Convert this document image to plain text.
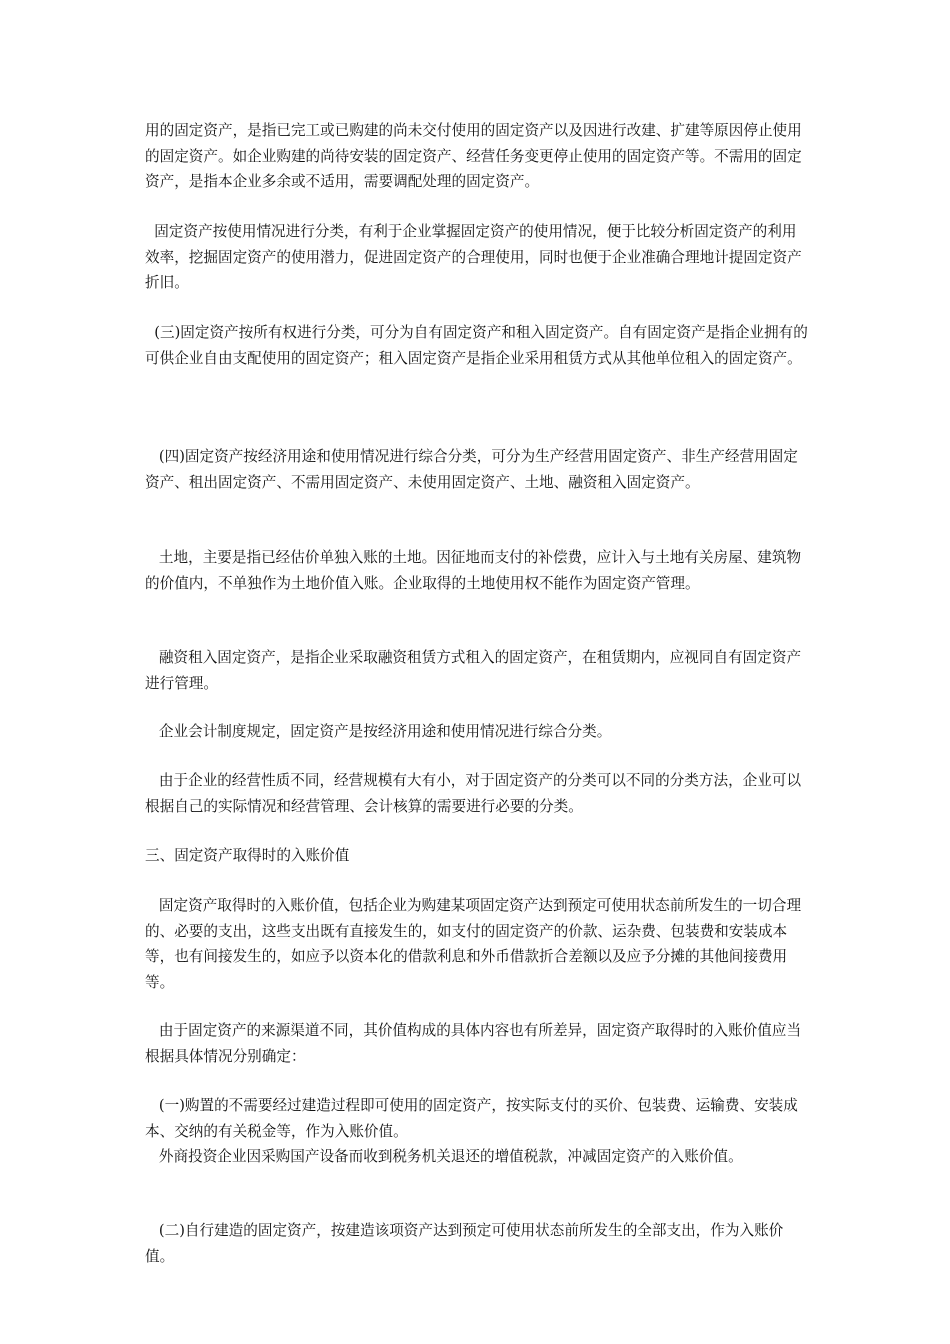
用的固定资产，是指已完工或已购建的尚未交付使用的固定资产以及因进行改建、扩建等原因停止使用的固定资产。如企业购建的尚待安装的固定资产、经营任务变更停止使用的固定资产等。不需用的固定资产，是指本企业多余或不适用，需要调配处理的固定资产。

固定资产按使用情况进行分类，有利于企业掌握固定资产的使用情况，便于比较分析固定资产的利用效率，挖掘固定资产的使用潜力，促进固定资产的合理使用，同时也便于企业准确合理地计提固定资产折旧。

(三)固定资产按所有权进行分类，可分为自有固定资产和租入固定资产。自有固定资产是指企业拥有的可供企业自由支配使用的固定资产；租入固定资产是指企业采用租赁方式从其他单位租入的固定资产。

(四)固定资产按经济用途和使用情况进行综合分类，可分为生产经营用固定资产、非生产经营用固定资产、租出固定资产、不需用固定资产、未使用固定资产、土地、融资租入固定资产。

土地，主要是指已经估价单独入账的土地。因征地而支付的补偿费，应计入与土地有关房屋、建筑物的价值内，不单独作为土地价值入账。企业取得的土地使用权不能作为固定资产管理。

融资租入固定资产，是指企业采取融资租赁方式租入的固定资产，在租赁期内，应视同自有固定资产进行管理。

企业会计制度规定，固定资产是按经济用途和使用情况进行综合分类。

由于企业的经营性质不同，经营规模有大有小，对于固定资产的分类可以不同的分类方法，企业可以根据自己的实际情况和经营管理、会计核算的需要进行必要的分类。

三、固定资产取得时的入账价值

固定资产取得时的入账价值，包括企业为购建某项固定资产达到预定可使用状态前所发生的一切合理的、必要的支出，这些支出既有直接发生的，如支付的固定资产的价款、运杂费、包装费和安装成本等，也有间接发生的，如应予以资本化的借款利息和外币借款折合差额以及应予分摊的其他间接费用等。

由于固定资产的来源渠道不同，其价值构成的具体内容也有所差异，固定资产取得时的入账价值应当根据具体情况分别确定：

(一)购置的不需要经过建造过程即可使用的固定资产，按实际支付的买价、包装费、运输费、安装成本、交纳的有关税金等，作为入账价值。

外商投资企业因采购国产设备而收到税务机关退还的增值税款，冲减固定资产的入账价值。

(二)自行建造的固定资产，按建造该项资产达到预定可使用状态前所发生的全部支出，作为入账价值。
